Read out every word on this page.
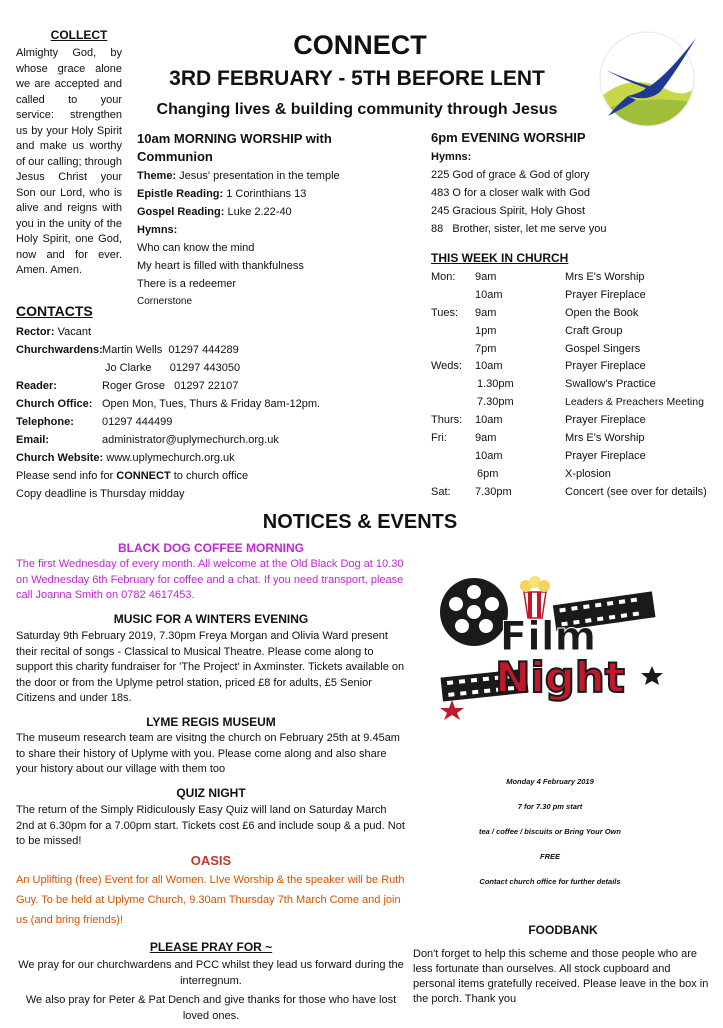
COLLECT
Almighty God, by whose grace alone we are accepted and called to your service: strengthen us by your Holy Spirit and make us worthy of our calling; through Jesus Christ your Son our Lord, who is alive and reigns with you in the unity of the Holy Spirit, one God, now and for ever. Amen. Amen.
CONNECT
3RD FEBRUARY - 5TH BEFORE LENT
Changing lives & building community through Jesus
10am MORNING WORSHIP with Communion
Theme: Jesus' presentation in the temple
Epistle Reading: 1 Corinthians 13
Gospel Reading: Luke 2.22-40
Hymns:
Who can know the mind
My heart is filled with thankfulness
There is a redeemer
Cornerstone
6pm EVENING WORSHIP
Hymns:
225 God of grace & God of glory
483 O for a closer walk with God
245 Gracious Spirit, Holy Ghost
88   Brother, sister, let me serve you
THIS WEEK IN CHURCH
Mon:	9am	Mrs E's Worship
	10am	Prayer Fireplace
Tues:	9am	Open the Book
	1pm	Craft Group
	7pm	Gospel Singers
Weds:	10am	Prayer Fireplace
	1.30pm	Swallow's Practice
	7.30pm	Leaders & Preachers Meeting
Thurs:	10am	Prayer Fireplace
Fri:	9am	Mrs E's Worship
	10am	Prayer Fireplace
	6pm	X-plosion
Sat:	7.30pm	Concert (see over for details)
CONTACTS
Rector: Vacant
Churchwardens:Martin Wells  01297 444289
Jo Clarke      01297 443050
Reader:	Roger Grose   01297 22107
Church Office: Open Mon, Tues, Thurs & Friday 8am-12pm.
Telephone:	01297 444499
Email:	administrator@uplymechurch.org.uk
Church Website: www.uplymechurch.org.uk
Please send info for CONNECT to church office
Copy deadline is Thursday midday
NOTICES & EVENTS
BLACK DOG COFFEE MORNING
The first Wednesday of every month. All welcome at the Old Black Dog at 10.30 on Wednesday 6th February for coffee and a chat. If you need transport, please call Joanna Smith on 0782 4617453.
MUSIC FOR A WINTERS EVENING
Saturday 9th February 2019, 7.30pm Freya Morgan and Olivia Ward present their recital of songs - Classical to Musical Theatre. Please come along to support this charity fundraiser for 'The Project' in Axminster. Tickets available on the door or from the Uplyme petrol station, priced £8 for adults, £5 Senior Citizens and under 18s.
LYME REGIS MUSEUM
The museum research team are visitng the church on February 25th at 9.45am to share their history of Uplyme with you. Please come along and also share your history about our village with them too
QUIZ NIGHT
The return of the Simply Ridiculously Easy Quiz will land on Saturday March 2nd at 6.30pm for a 7.00pm start. Tickets cost £6 and include soup & a pud. Not to be missed!
OASIS
An Uplifting (free) Event for all Women. LIve Worship & the speaker will be Ruth Guy. To be held at Uplyme Church, 9.30am Thursday 7th March Come and join us (and bring friends)!
PLEASE PRAY FOR ~

We pray for our churchwardens and PCC whilst they lead us forward during the interregnum.

We also pray for Peter & Pat Dench and give thanks for those who have lost loved ones.

Film
Night
Monday 4 February 2019
7 for 7.30 pm start
tea / coffee / biscuits or Bring Your Own
FREE
Contact church office for further details
FOODBANK
Don't forget to help this scheme and those people who are less fortunate than ourselves. All stock cupboard and personal items gratefully received. Please leave in the box in the porch. Thank you
